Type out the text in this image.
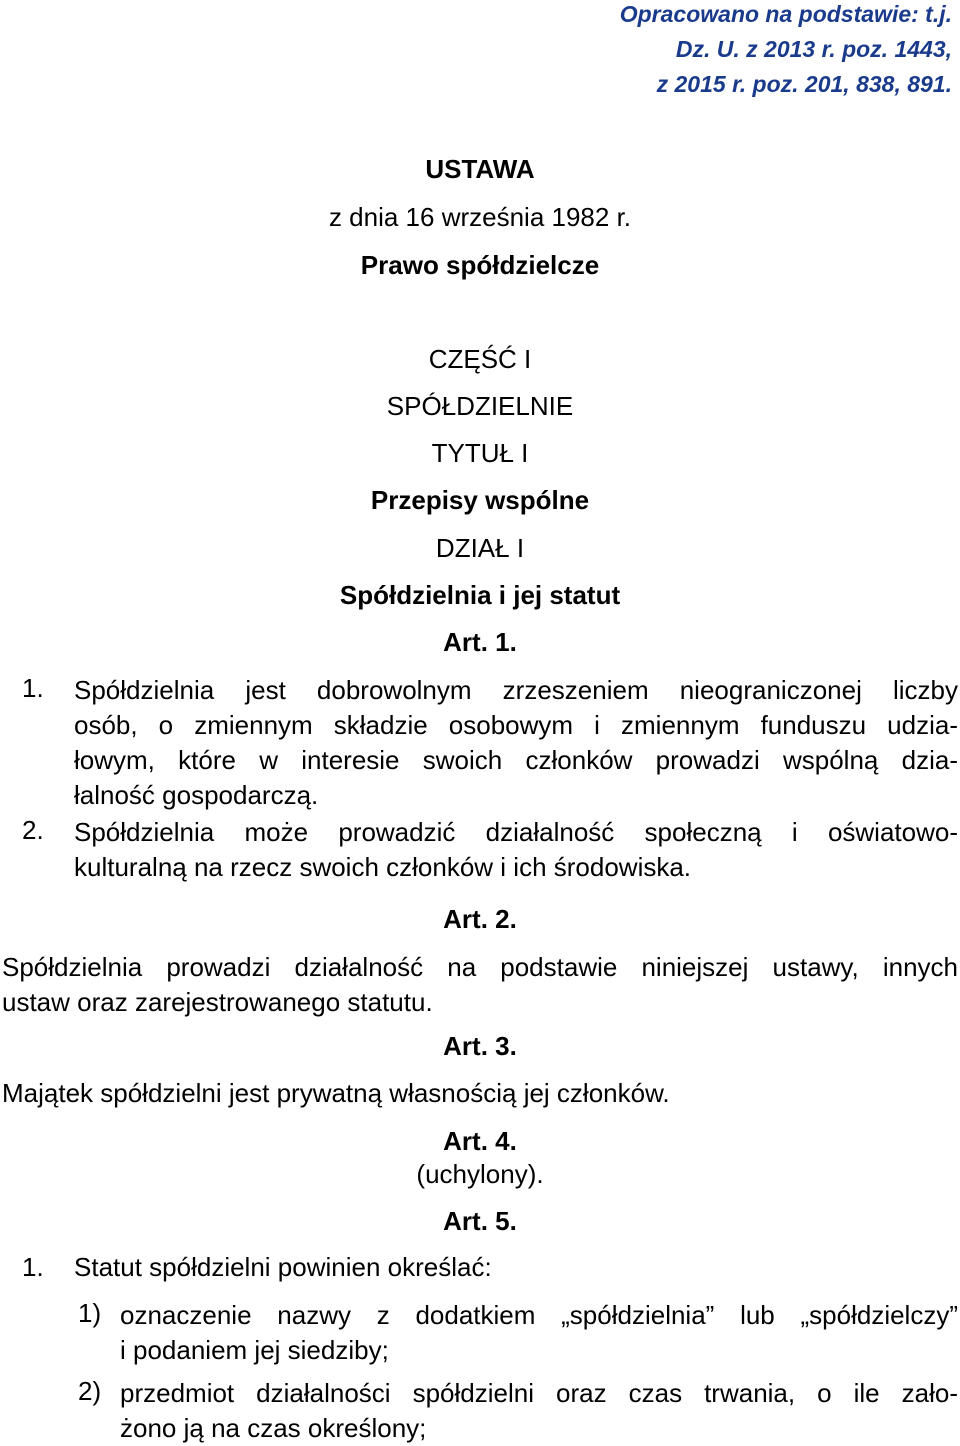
Opracowano na podstawie: t.j.
Dz. U. z 2013 r. poz. 1443,
z 2015 r. poz. 201, 838, 891.
USTAWA
z dnia 16 września 1982 r.
Prawo spółdzielcze
CZĘŚĆ I
SPÓŁDZIELNIE
TYTUŁ I
Przepisy wspólne
DZIAŁ I
Spółdzielnia i jej statut
Art. 1.
1. Spółdzielnia jest dobrowolnym zrzeszeniem nieograniczonej liczby
osób, o zmiennym składzie osobowym i zmiennym funduszu udzia-
łowym, które w interesie swoich członków prowadzi wspólną dzia-
łalność gospodarczą.
2. Spółdzielnia może prowadzić działalność społeczną i oświatowo-
kulturalną na rzecz swoich członków i ich środowiska.
Art. 2.
Spółdzielnia prowadzi działalność na podstawie niniejszej ustawy, innych
ustaw oraz zarejestrowanego statutu.
Art. 3.
Majątek spółdzielni jest prywatną własnością jej członków.
Art. 4.
(uchylony).
Art. 5.
1. Statut spółdzielni powinien określać:
1) oznaczenie nazwy z dodatkiem „spółdzielnia” lub „spółdzielczy”
i podaniem jej siedziby;
2) przedmiot działalności spółdzielni oraz czas trwania, o ile zało-
żono ją na czas określony;
